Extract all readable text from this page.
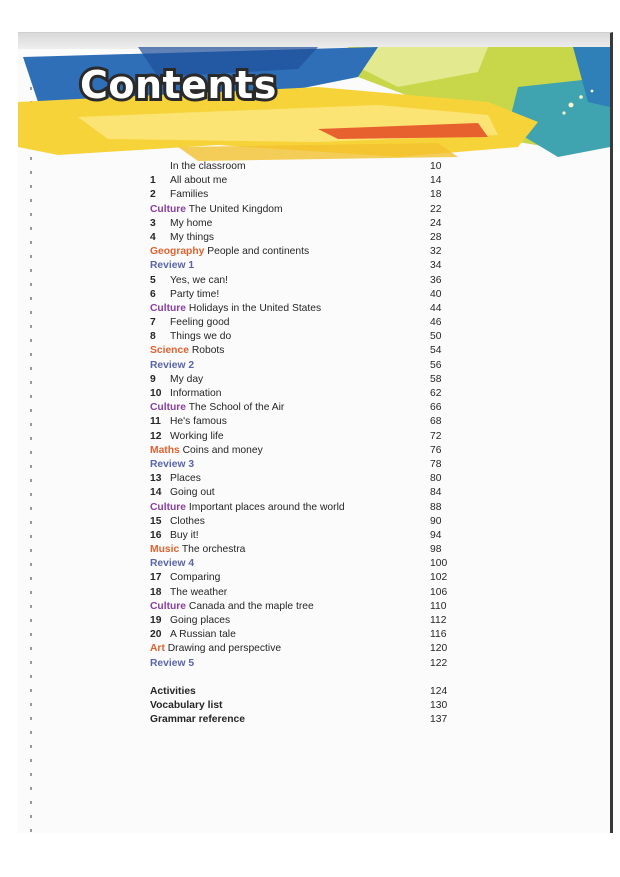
Contents
In the classroom	10
1 All about me	14
2 Families	18
Culture The United Kingdom	22
3 My home	24
4 My things	28
Geography People and continents	32
Review 1	34
5 Yes, we can!	36
6 Party time!	40
Culture Holidays in the United States	44
7 Feeling good	46
8 Things we do	50
Science Robots	54
Review 2	56
9 My day	58
10 Information	62
Culture The School of the Air	66
11 He's famous	68
12 Working life	72
Maths Coins and money	76
Review 3	78
13 Places	80
14 Going out	84
Culture Important places around the world	88
15 Clothes	90
16 Buy it!	94
Music The orchestra	98
Review 4	100
17 Comparing	102
18 The weather	106
Culture Canada and the maple tree	110
19 Going places	112
20 A Russian tale	116
Art Drawing and perspective	120
Review 5	122
Activities	124
Vocabulary list	130
Grammar reference	137
